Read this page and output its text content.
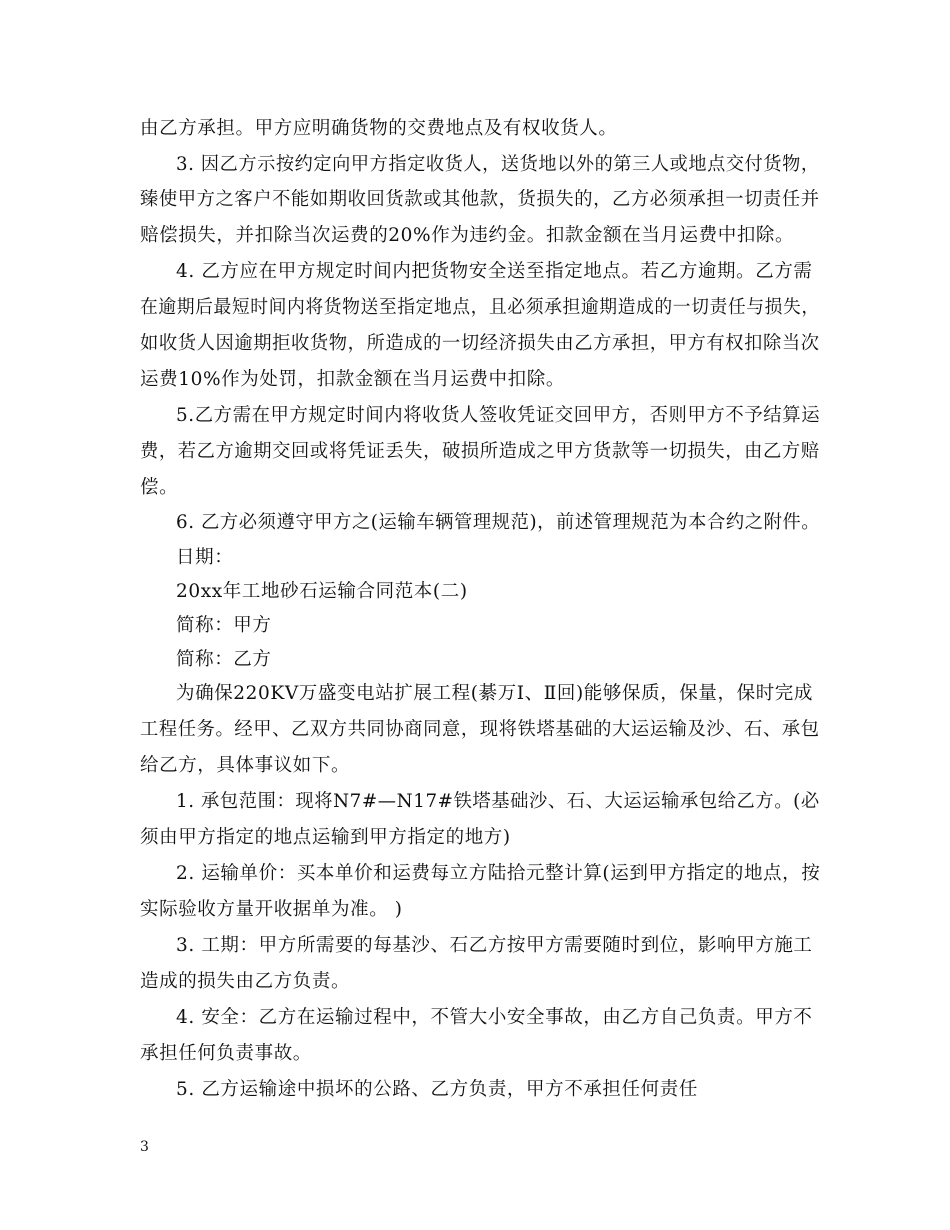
由乙方承担。甲方应明确货物的交费地点及有权收货人。
3. 因乙方示按约定向甲方指定收货人，送货地以外的第三人或地点交付货物，
臻使甲方之客户不能如期收回货款或其他款，货损失的，乙方必须承担一切责任并
赔偿损失，并扣除当次运费的20%作为违约金。扣款金额在当月运费中扣除。
4. 乙方应在甲方规定时间内把货物安全送至指定地点。若乙方逾期。乙方需
在逾期后最短时间内将货物送至指定地点，且必须承担逾期造成的一切责任与损失，
如收货人因逾期拒收货物，所造成的一切经济损失由乙方承担，甲方有权扣除当次
运费10%作为处罚，扣款金额在当月运费中扣除。
5.乙方需在甲方规定时间内将收货人签收凭证交回甲方，否则甲方不予结算运
费，若乙方逾期交回或将凭证丢失，破损所造成之甲方货款等一切损失，由乙方赔
偿。
6. 乙方必须遵守甲方之(运输车辆管理规范)，前述管理规范为本合约之附件。
日期：
20xx年工地砂石运输合同范本(二)
简称：甲方
简称：乙方
为确保220KV万盛变电站扩展工程(綦万Ⅰ、Ⅱ回)能够保质，保量，保时完成
工程任务。经甲、乙双方共同协商同意，现将铁塔基础的大运运输及沙、石、承包
给乙方，具体事议如下。
1. 承包范围：现将N7#—N17#铁塔基础沙、石、大运运输承包给乙方。(必
须由甲方指定的地点运输到甲方指定的地方)
2. 运输单价：买本单价和运费每立方陆拾元整计算(运到甲方指定的地点，按
实际验收方量开收据单为准。 )
3. 工期：甲方所需要的每基沙、石乙方按甲方需要随时到位，影响甲方施工
造成的损失由乙方负责。
4. 安全：乙方在运输过程中，不管大小安全事故，由乙方自己负责。甲方不
承担任何负责事故。
5. 乙方运输途中损坏的公路、乙方负责，甲方不承担任何责任
3
